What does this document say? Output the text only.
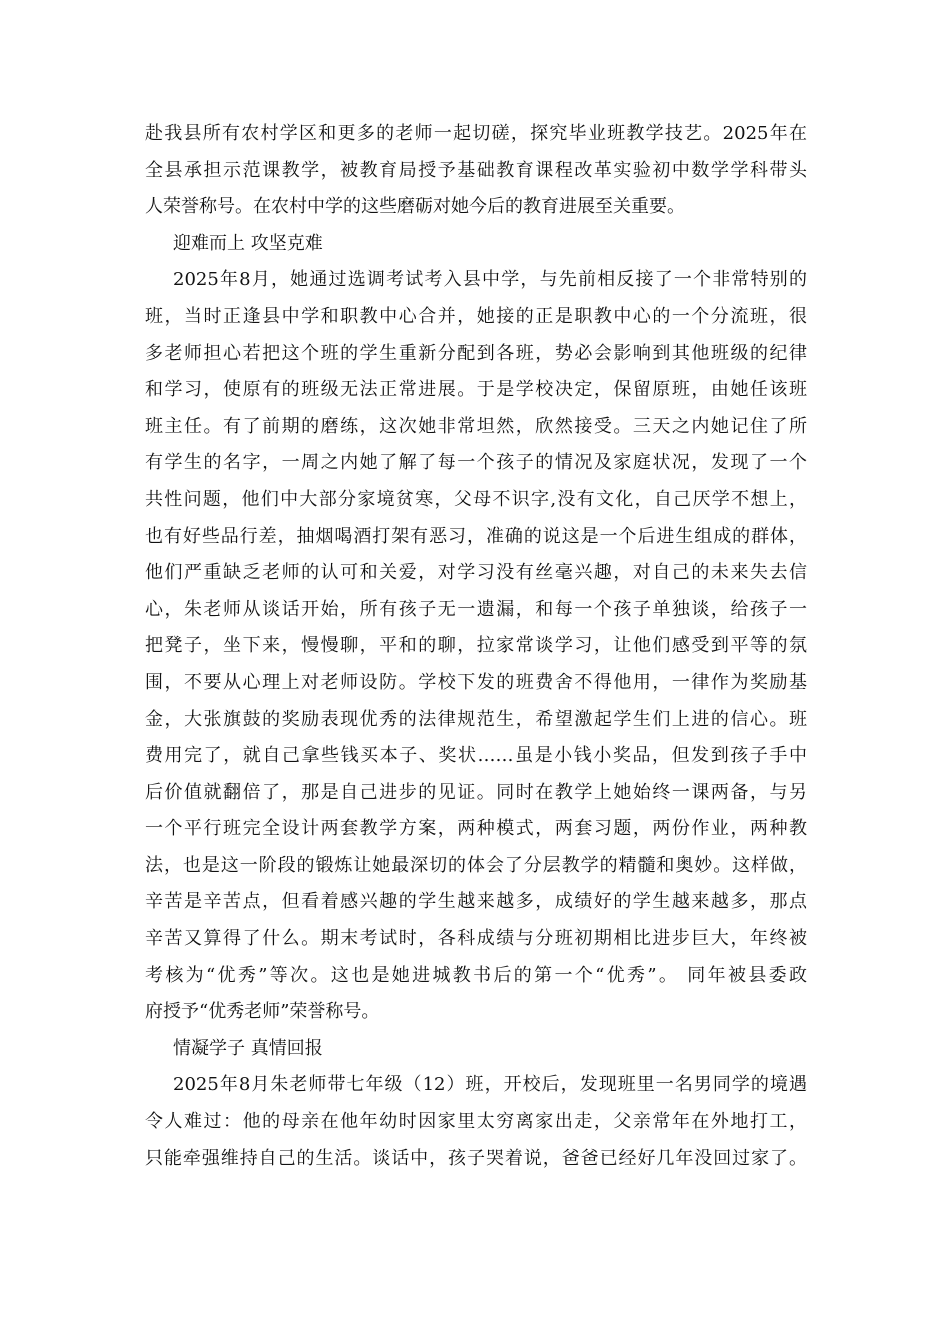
赴我县所有农村学区和更多的老师一起切磋，探究毕业班教学技艺。2025年在
全县承担示范课教学，被教育局授予基础教育课程改革实验初中数学学科带头
人荣誉称号。在农村中学的这些磨砺对她今后的教育进展至关重要。
迎难而上 攻坚克难
2025年8月，她通过选调考试考入县中学，与先前相反接了一个非常特别的
班，当时正逢县中学和职教中心合并，她接的正是职教中心的一个分流班，很
多老师担心若把这个班的学生重新分配到各班，势必会影响到其他班级的纪律
和学习，使原有的班级无法正常进展。于是学校决定，保留原班，由她任该班
班主任。有了前期的磨练，这次她非常坦然，欣然接受。三天之内她记住了所
有学生的名字，一周之内她了解了每一个孩子的情况及家庭状况，发现了一个
共性问题，他们中大部分家境贫寒，父母不识字,没有文化，自己厌学不想上，
也有好些品行差，抽烟喝酒打架有恶习，准确的说这是一个后进生组成的群体，
他们严重缺乏老师的认可和关爱，对学习没有丝毫兴趣，对自己的未来失去信
心，朱老师从谈话开始，所有孩子无一遗漏，和每一个孩子单独谈，给孩子一
把凳子，坐下来，慢慢聊，平和的聊，拉家常谈学习，让他们感受到平等的氛
围，不要从心理上对老师设防。学校下发的班费舍不得他用，一律作为奖励基
金，大张旗鼓的奖励表现优秀的法律规范生，希望激起学生们上进的信心。班
费用完了，就自己拿些钱买本子、奖状……虽是小钱小奖品，但发到孩子手中
后价值就翻倍了，那是自己进步的见证。同时在教学上她始终一课两备，与另
一个平行班完全设计两套教学方案，两种模式，两套习题，两份作业，两种教
法，也是这一阶段的锻炼让她最深切的体会了分层教学的精髓和奥妙。这样做，
辛苦是辛苦点，但看着感兴趣的学生越来越多，成绩好的学生越来越多，那点
辛苦又算得了什么。期末考试时，各科成绩与分班初期相比进步巨大，年终被
考核为“优秀”等次。这也是她进城教书后的第一个“优秀”。 同年被县委政
府授予“优秀老师”荣誉称号。
情凝学子 真情回报
2025年8月朱老师带七年级（12）班，开校后，发现班里一名男同学的境遇
令人难过：他的母亲在他年幼时因家里太穷离家出走，父亲常年在外地打工，
只能牵强维持自己的生活。谈话中，孩子哭着说，爸爸已经好几年没回过家了。
